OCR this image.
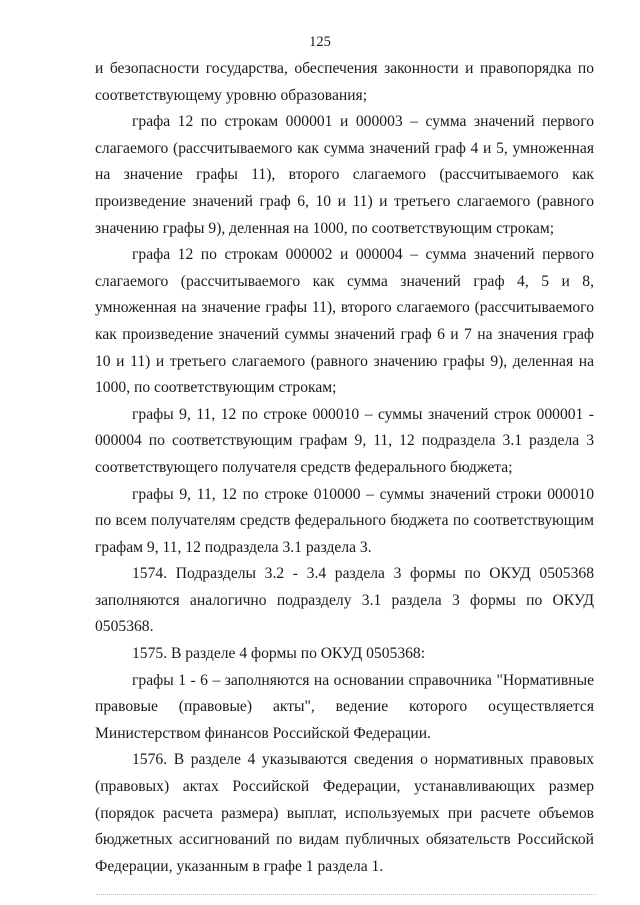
125

и безопасности государства, обеспечения законности и правопорядка по соответствующему уровню образования;

графа 12 по строкам 000001 и 000003 – сумма значений первого слагаемого (рассчитываемого как сумма значений граф 4 и 5, умноженная на значение графы 11), второго слагаемого (рассчитываемого как произведение значений граф 6, 10 и 11) и третьего слагаемого (равного значению графы 9), деленная на 1000, по соответствующим строкам;

графа 12 по строкам 000002 и 000004 – сумма значений первого слагаемого (рассчитываемого как сумма значений граф 4, 5 и 8, умноженная на значение графы 11), второго слагаемого (рассчитываемого как произведение значений суммы значений граф 6 и 7 на значения граф 10 и 11) и третьего слагаемого (равного значению графы 9), деленная на 1000, по соответствующим строкам;

графы 9, 11, 12 по строке 000010 – суммы значений строк 000001 - 000004 по соответствующим графам 9, 11, 12 подраздела 3.1 раздела 3 соответствующего получателя средств федерального бюджета;

графы 9, 11, 12 по строке 010000 – суммы значений строки 000010 по всем получателям средств федерального бюджета по соответствующим графам 9, 11, 12 подраздела 3.1 раздела 3.

1574. Подразделы 3.2 - 3.4 раздела 3 формы по ОКУД 0505368 заполняются аналогично подразделу 3.1 раздела 3 формы по ОКУД 0505368.

1575. В разделе 4 формы по ОКУД 0505368:

графы 1 - 6 – заполняются на основании справочника "Нормативные правовые (правовые) акты", ведение которого осуществляется Министерством финансов Российской Федерации.

1576. В разделе 4 указываются сведения о нормативных правовых (правовых) актах Российской Федерации, устанавливающих размер (порядок расчета размера) выплат, используемых при расчете объемов бюджетных ассигнований по видам публичных обязательств Российской Федерации, указанным в графе 1 раздела 1.
